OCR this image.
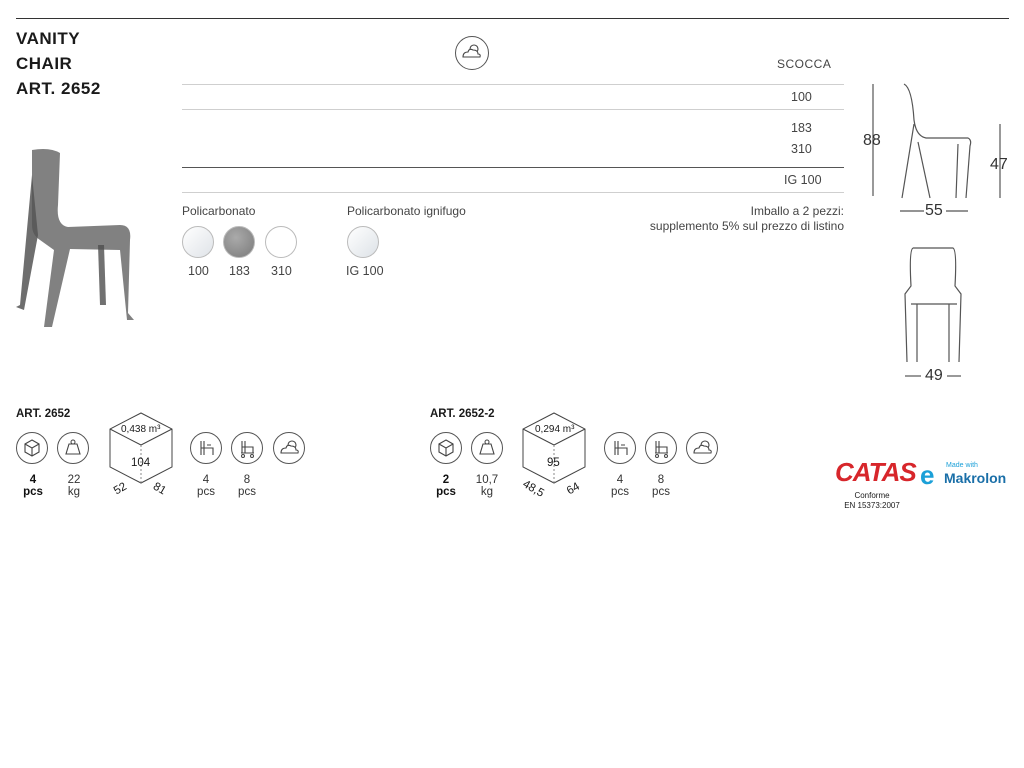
VANITY
CHAIR
ART. 2652
SCOCCA
100
183
310
IG 100
Policarbonato
100 183 310
Policarbonato ignifugo
IG 100
Imballo a 2 pezzi:
supplemento 5% sul prezzo di listino
88
47
55
49
ART. 2652
4
pcs
22
kg
0,438 m³
104
52 81
4
pcs
8
pcs
ART. 2652-2
2
pcs
10,7
kg
0,294 m³
95
48,5 64
4
pcs
8
pcs
CATAS
Conforme
EN 15373:2007
e Made with
Makrolon
